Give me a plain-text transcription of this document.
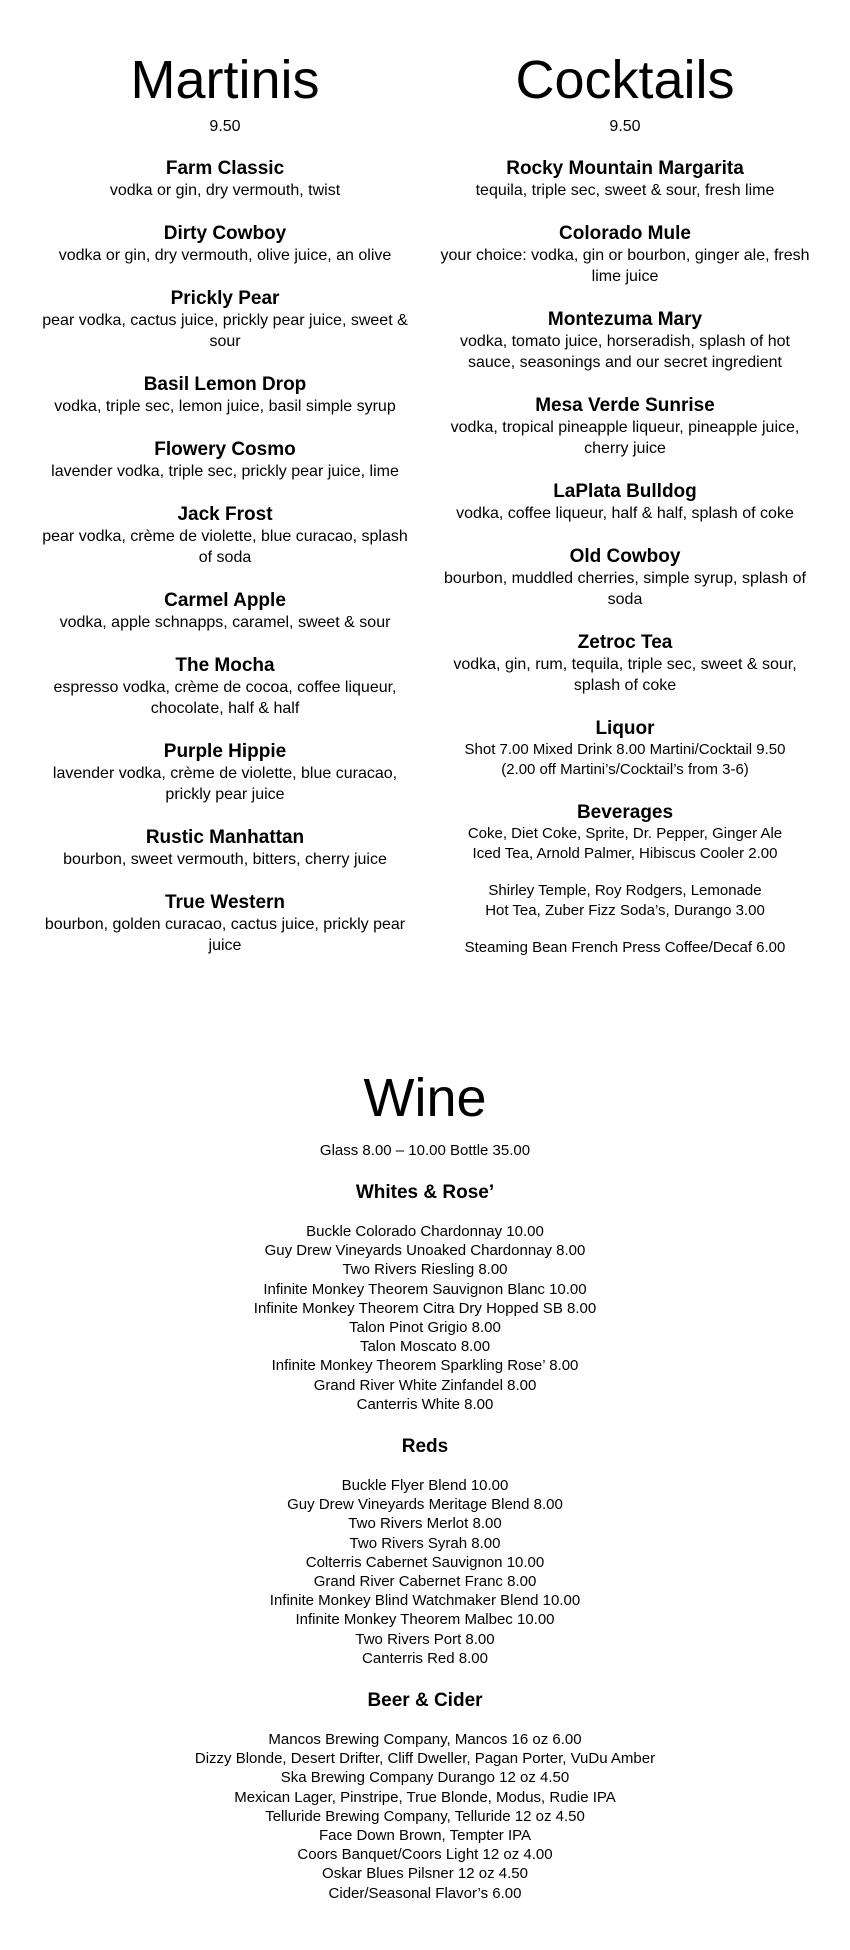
Martinis
9.50
Farm Classic
vodka or gin, dry vermouth, twist
Dirty Cowboy
vodka or gin, dry vermouth, olive juice, an olive
Prickly Pear
pear vodka, cactus juice, prickly pear juice, sweet & sour
Basil Lemon Drop
vodka, triple sec, lemon juice, basil simple syrup
Flowery Cosmo
lavender vodka, triple sec, prickly pear juice, lime
Jack Frost
pear vodka, crème de violette, blue curacao, splash of soda
Carmel Apple
vodka, apple schnapps, caramel, sweet & sour
The Mocha
espresso vodka, crème de cocoa, coffee liqueur, chocolate, half & half
Purple Hippie
lavender vodka, crème de violette, blue curacao, prickly pear juice
Rustic Manhattan
bourbon, sweet vermouth, bitters, cherry juice
True Western
bourbon, golden curacao, cactus juice, prickly pear juice
Cocktails
9.50
Rocky Mountain Margarita
tequila, triple sec, sweet & sour, fresh lime
Colorado Mule
your choice: vodka, gin or bourbon, ginger ale, fresh lime juice
Montezuma Mary
vodka, tomato juice, horseradish, splash of hot sauce, seasonings and our secret ingredient
Mesa Verde Sunrise
vodka, tropical pineapple liqueur, pineapple juice, cherry juice
LaPlata Bulldog
vodka, coffee liqueur, half & half, splash of coke
Old Cowboy
bourbon, muddled cherries, simple syrup, splash of soda
Zetroc Tea
vodka, gin, rum, tequila, triple sec, sweet & sour, splash of coke
Liquor
Shot 7.00 Mixed Drink 8.00 Martini/Cocktail 9.50
(2.00 off Martini’s/Cocktail’s from 3-6)
Beverages
Coke, Diet Coke, Sprite, Dr. Pepper, Ginger Ale
Iced Tea, Arnold Palmer, Hibiscus Cooler 2.00
Shirley Temple, Roy Rodgers, Lemonade
Hot Tea, Zuber Fizz Soda’s, Durango 3.00
Steaming Bean French Press Coffee/Decaf 6.00
Wine
Glass 8.00 – 10.00 Bottle 35.00
Whites & Rose’
Buckle Colorado Chardonnay 10.00
Guy Drew Vineyards Unoaked Chardonnay 8.00
Two Rivers Riesling 8.00
Infinite Monkey Theorem Sauvignon Blanc 10.00
Infinite Monkey Theorem Citra Dry Hopped SB 8.00
Talon Pinot Grigio 8.00
Talon Moscato 8.00
Infinite Monkey Theorem Sparkling Rose’ 8.00
Grand River White Zinfandel 8.00
Canterris White 8.00
Reds
Buckle Flyer Blend 10.00
Guy Drew Vineyards Meritage Blend 8.00
Two Rivers Merlot 8.00
Two Rivers Syrah 8.00
Colterris Cabernet Sauvignon 10.00
Grand River Cabernet Franc 8.00
Infinite Monkey Blind Watchmaker Blend 10.00
Infinite Monkey Theorem Malbec 10.00
Two Rivers Port 8.00
Canterris Red 8.00
Beer & Cider
Mancos Brewing Company, Mancos 16 oz 6.00
Dizzy Blonde, Desert Drifter, Cliff Dweller, Pagan Porter, VuDu Amber
Ska Brewing Company Durango 12 oz 4.50
Mexican Lager, Pinstripe, True Blonde, Modus, Rudie IPA
Telluride Brewing Company, Telluride 12 oz 4.50
Face Down Brown, Tempter IPA
Coors Banquet/Coors Light 12 oz 4.00
Oskar Blues Pilsner 12 oz 4.50
Cider/Seasonal Flavor’s 6.00
